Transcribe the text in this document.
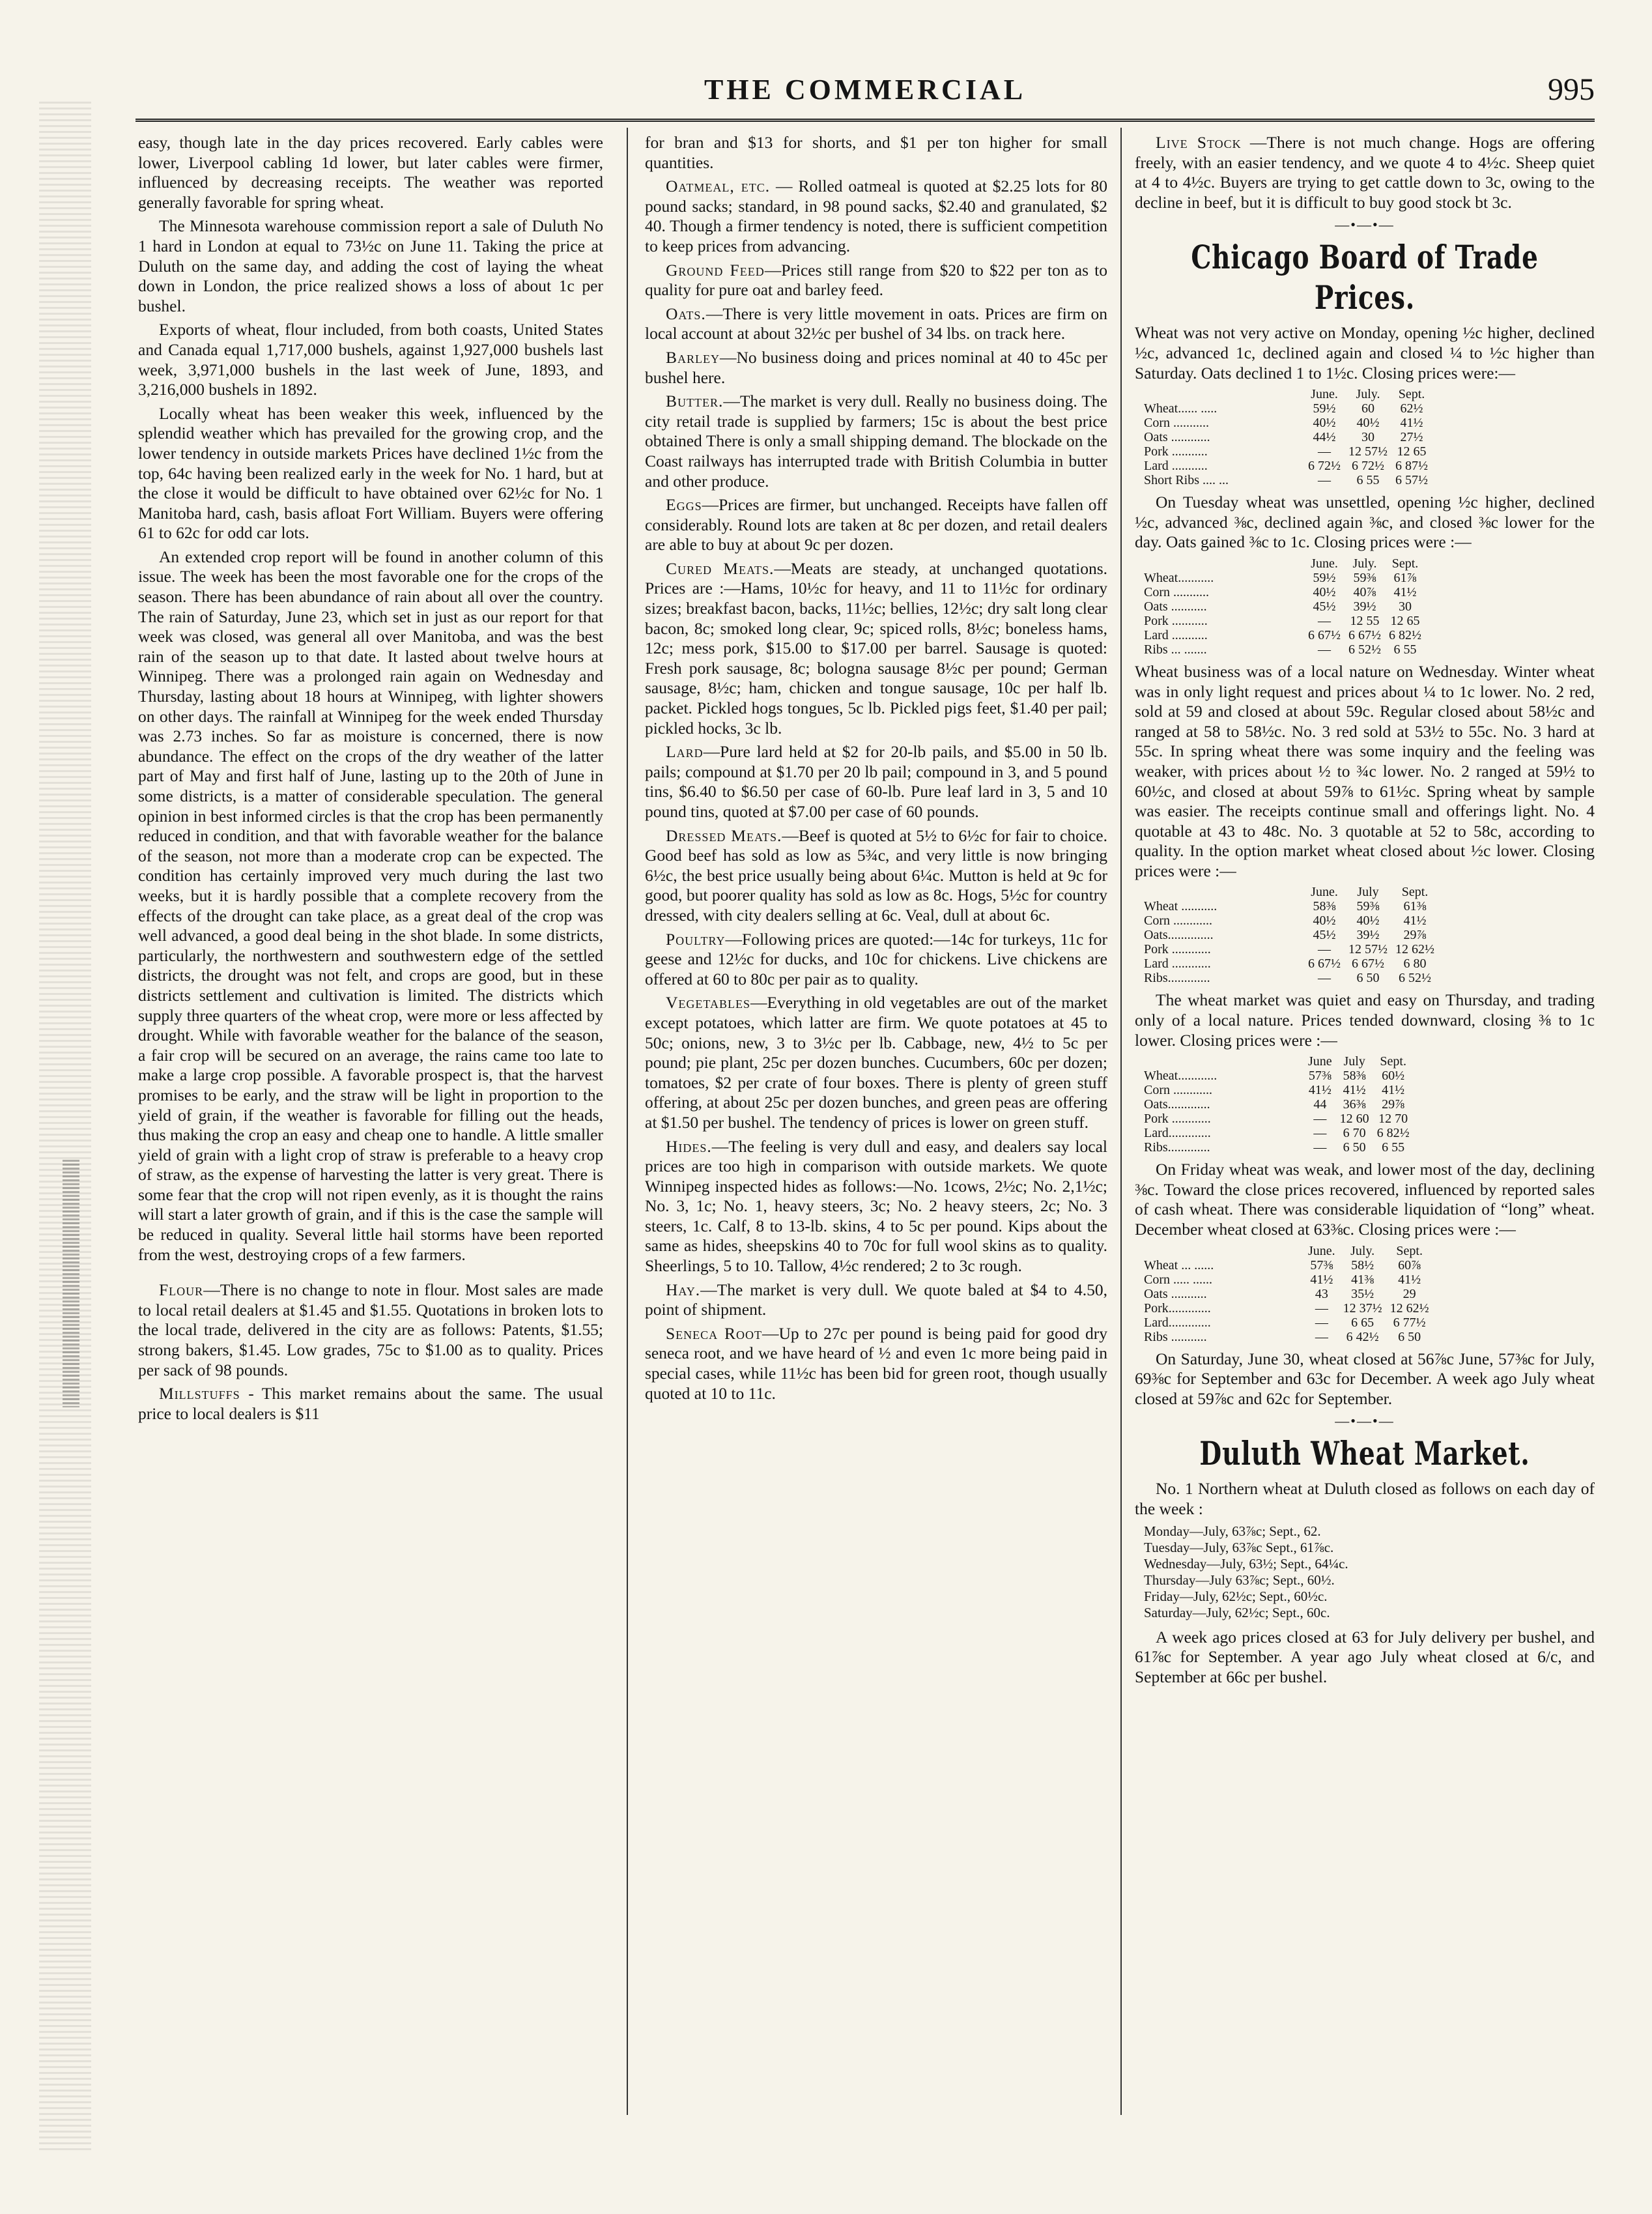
THE COMMERCIAL	995

easy, though late in the day prices recovered. Early cables were lower, Liverpool cabling 1d lower, but later cables were firmer, influenced by decreasing receipts. The weather was reported generally favorable for spring wheat.

The Minnesota warehouse commission report a sale of Duluth No 1 hard in London at equal to 73½c on June 11. Taking the price at Duluth on the same day, and adding the cost of laying the wheat down in London, the price realized shows a loss of about 1c per bushel.

Exports of wheat, flour included, from both coasts, United States and Canada equal 1,717,000 bushels, against 1,927,000 bushels last week, 3,971,000 bushels in the last week of June, 1893, and 3,216,000 bushels in 1892.

Locally wheat has been weaker this week, influenced by the splendid weather which has prevailed for the growing crop, and the lower tendency in outside markets Prices have declined 1½c from the top, 64c having been realized early in the week for No. 1 hard, but at the close it would be difficult to have obtained over 62½c for No. 1 Manitoba hard, cash, basis afloat Fort William. Buyers were offering 61 to 62c for odd car lots.

An extended crop report will be found in another column of this issue. The week has been the most favorable one for the crops of the season. There has been abundance of rain about all over the country. The rain of Saturday, June 23, which set in just as our report for that week was closed, was general all over Manitoba, and was the best rain of the season up to that date. It lasted about twelve hours at Winnipeg. There was a prolonged rain again on Wednesday and Thursday, lasting about 18 hours at Winnipeg, with lighter showers on other days. The rainfall at Winnipeg for the week ended Thursday was 2.73 inches. So far as moisture is concerned, there is now abundance. The effect on the crops of the dry weather of the latter part of May and first half of June, lasting up to the 20th of June in some districts, is a matter of considerable speculation. The general opinion in best informed circles is that the crop has been permanently reduced in condition, and that with favorable weather for the balance of the season, not more than a moderate crop can be expected. The condition has certainly improved very much during the last two weeks, but it is hardly possible that a complete recovery from the effects of the drought can take place, as a great deal of the crop was well advanced, a good deal being in the shot blade. In some districts, particularly, the northwestern and southwestern edge of the settled districts, the drought was not felt, and crops are good, but in these districts settlement and cultivation is limited. The districts which supply three quarters of the wheat crop, were more or less affected by drought. While with favorable weather for the balance of the season, a fair crop will be secured on an average, the rains came too late to make a large crop possible. A favorable prospect is, that the harvest promises to be early, and the straw will be light in proportion to the yield of grain, if the weather is favorable for filling out the heads, thus making the crop an easy and cheap one to handle. A little smaller yield of grain with a light crop of straw is preferable to a heavy crop of straw, as the expense of harvesting the latter is very great. There is some fear that the crop will not ripen evenly, as it is thought the rains will start a later growth of grain, and if this is the case the sample will be reduced in quality. Several little hail storms have been reported from the west, destroying crops of a few farmers.

Flour—There is no change to note in flour. Most sales are made to local retail dealers at $1.45 and $1.55. Quotations in broken lots to the local trade, delivered in the city are as follows: Patents, $1.55; strong bakers, $1.45. Low grades, 75c to $1.00 as to quality. Prices per sack of 98 pounds.

Millstuffs - This market remains about the same. The usual price to local dealers is $11

for bran and $13 for shorts, and $1 per ton higher for small quantities.

Oatmeal, etc. — Rolled oatmeal is quoted at $2.25 lots for 80 pound sacks; standard, in 98 pound sacks, $2.40 and granulated, $2 40. Though a firmer tendency is noted, there is sufficient competition to keep prices from advancing.

Ground Feed—Prices still range from $20 to $22 per ton as to quality for pure oat and barley feed.

Oats.—There is very little movement in oats. Prices are firm on local account at about 32½c per bushel of 34 lbs. on track here.

Barley—No business doing and prices nominal at 40 to 45c per bushel here.

Butter.—The market is very dull. Really no business doing. The city retail trade is supplied by farmers; 15c is about the best price obtained There is only a small shipping demand. The blockade on the Coast railways has interrupted trade with British Columbia in butter and other produce.

Eggs—Prices are firmer, but unchanged. Receipts have fallen off considerably. Round lots are taken at 8c per dozen, and retail dealers are able to buy at about 9c per dozen.

Cured Meats.—Meats are steady, at unchanged quotations. Prices are :—Hams, 10½c for heavy, and 11 to 11½c for ordinary sizes; breakfast bacon, backs, 11½c; bellies, 12½c; dry salt long clear bacon, 8c; smoked long clear, 9c; spiced rolls, 8½c; boneless hams, 12c; mess pork, $15.00 to $17.00 per barrel. Sausage is quoted: Fresh pork sausage, 8c; bologna sausage 8½c per pound; German sausage, 8½c; ham, chicken and tongue sausage, 10c per half lb. packet. Pickled hogs tongues, 5c lb. Pickled pigs feet, $1.40 per pail; pickled hocks, 3c lb.

Lard—Pure lard held at $2 for 20-lb pails, and $5.00 in 50 lb. pails; compound at $1.70 per 20 lb pail; compound in 3, and 5 pound tins, $6.40 to $6.50 per case of 60-lb. Pure leaf lard in 3, 5 and 10 pound tins, quoted at $7.00 per case of 60 pounds.

Dressed Meats.—Beef is quoted at 5½ to 6½c for fair to choice. Good beef has sold as low as 5¾c, and very little is now bringing 6½c, the best price usually being about 6¼c. Mutton is held at 9c for good, but poorer quality has sold as low as 8c. Hogs, 5½c for country dressed, with city dealers selling at 6c. Veal, dull at about 6c.

Poultry—Following prices are quoted:—14c for turkeys, 11c for geese and 12½c for ducks, and 10c for chickens. Live chickens are offered at 60 to 80c per pair as to quality.

Vegetables—Everything in old vegetables are out of the market except potatoes, which latter are firm. We quote potatoes at 45 to 50c; onions, new, 3 to 3½c per lb. Cabbage, new, 4½ to 5c per pound; pie plant, 25c per dozen bunches. Cucumbers, 60c per dozen; tomatoes, $2 per crate of four boxes. There is plenty of green stuff offering, at about 25c per dozen bunches, and green peas are offering at $1.50 per bushel. The tendency of prices is lower on green stuff.

Hides.—The feeling is very dull and easy, and dealers say local prices are too high in comparison with outside markets. We quote Winnipeg inspected hides as follows:—No. 1cows, 2½c; No. 2,1½c; No. 3, 1c; No. 1, heavy steers, 3c; No. 2 heavy steers, 2c; No. 3 steers, 1c. Calf, 8 to 13-lb. skins, 4 to 5c per pound. Kips about the same as hides, sheepskins 40 to 70c for full wool skins as to quality. Sheerlings, 5 to 10. Tallow, 4½c rendered; 2 to 3c rough.

Hay.—The market is very dull. We quote baled at $4 to 4.50, point of shipment.

Seneca Root—Up to 27c per pound is being paid for good dry seneca root, and we have heard of ½ and even 1c more being paid in special cases, while 11½c has been bid for green root, though usually quoted at 10 to 11c.

Live Stock —There is not much change. Hogs are offering freely, with an easier tendency, and we quote 4 to 4½c. Sheep quiet at 4 to 4½c. Buyers are trying to get cattle down to 3c, owing to the decline in beef, but it is difficult to buy good stock bt 3c.

—•—•—
Chicago Board of Trade Prices.

Wheat was not very active on Monday, opening ½c higher, declined ½c, advanced 1c, declined again and closed ¼ to ½c higher than Saturday. Oats declined 1 to 1½c. Closing prices were:—

	June.	July.	Sept.
Wheat...... .....	59½	60	62½
Corn ...........	40½	40½	41½
Oats ............	44½	30	27½
Pork ...........	—	12 57½	12 65
Lard ...........	6 72½	6 72½	6 87½
Short Ribs .... ...	—	6 55	6 57½

On Tuesday wheat was unsettled, opening ½c higher, declined ½c, advanced ⅜c, declined again ⅜c, and closed ⅜c lower for the day. Oats gained ⅜c to 1c. Closing prices were :—

	June.	July.	Sept.
Wheat...........	59½	59⅜	61⅞
Corn ...........	40½	40⅞	41½
Oats ...........	45½	39½	30
Pork ...........	—	12 55	12 65
Lard ...........	6 67½	6 67½	6 82½
Ribs ... .......	—	6 52½	6 55

Wheat business was of a local nature on Wednesday. Winter wheat was in only light request and prices about ¼ to 1c lower. No. 2 red, sold at 59 and closed at about 59c. Regular closed about 58½c and ranged at 58 to 58½c. No. 3 red sold at 53½ to 55c. No. 3 hard at 55c. In spring wheat there was some inquiry and the feeling was weaker, with prices about ½ to ¾c lower. No. 2 ranged at 59½ to 60½c, and closed at about 59⅞ to 61½c. Spring wheat by sample was easier. The receipts continue small and offerings light. No. 4 quotable at 43 to 48c. No. 3 quotable at 52 to 58c, according to quality. In the option market wheat closed about ½c lower. Closing prices were :—

	June.	July	Sept.
Wheat ...........	58⅜	59⅜	61⅜
Corn ............	40½	40½	41½
Oats..............	45½	39½	29⅞
Pork ............	—	12 57½	12 62½
Lard ............	6 67½	6 67½	6 80
Ribs.............	—	6 50	6 52½

The wheat market was quiet and easy on Thursday, and trading only of a local nature. Prices tended downward, closing ⅜ to 1c lower. Closing prices were :—

	June	July	Sept.
Wheat............	57⅜	58⅜	60½
Corn ............	41½	41½	41½
Oats.............	44	36⅜	29⅞
Pork ............	—	12 60	12 70
Lard.............	—	6 70	6 82½
Ribs.............	—	6 50	6 55

On Friday wheat was weak, and lower most of the day, declining ⅜c. Toward the close prices recovered, influenced by reported sales of cash wheat. There was considerable liquidation of “long” wheat. December wheat closed at 63⅜c. Closing prices were :—

	June.	July.	Sept.
Wheat ... ......	57⅜	58½	60⅞
Corn ..... ......	41½	41⅜	41½
Oats ...........	43	35½	29
Pork.............	—	12 37½	12 62½
Lard.............	—	6 65	6 77½
Ribs ...........	—	6 42½	6 50

On Saturday, June 30, wheat closed at 56⅞c June, 57⅜c for July, 69⅜c for September and 63c for December. A week ago July wheat closed at 59⅞c and 62c for September.

—•—•—
Duluth Wheat Market.

No. 1 Northern wheat at Duluth closed as follows on each day of the week :

Monday—July, 63⅞c; Sept., 62.
Tuesday—July, 63⅞c Sept., 61⅞c.
Wednesday—July, 63½; Sept., 64¼c.
Thursday—July 63⅞c; Sept., 60½.
Friday—July, 62½c; Sept., 60½c.
Saturday—July, 62½c; Sept., 60c.

A week ago prices closed at 63 for July delivery per bushel, and 61⅞c for September. A year ago July wheat closed at 6/c, and September at 66c per bushel.
